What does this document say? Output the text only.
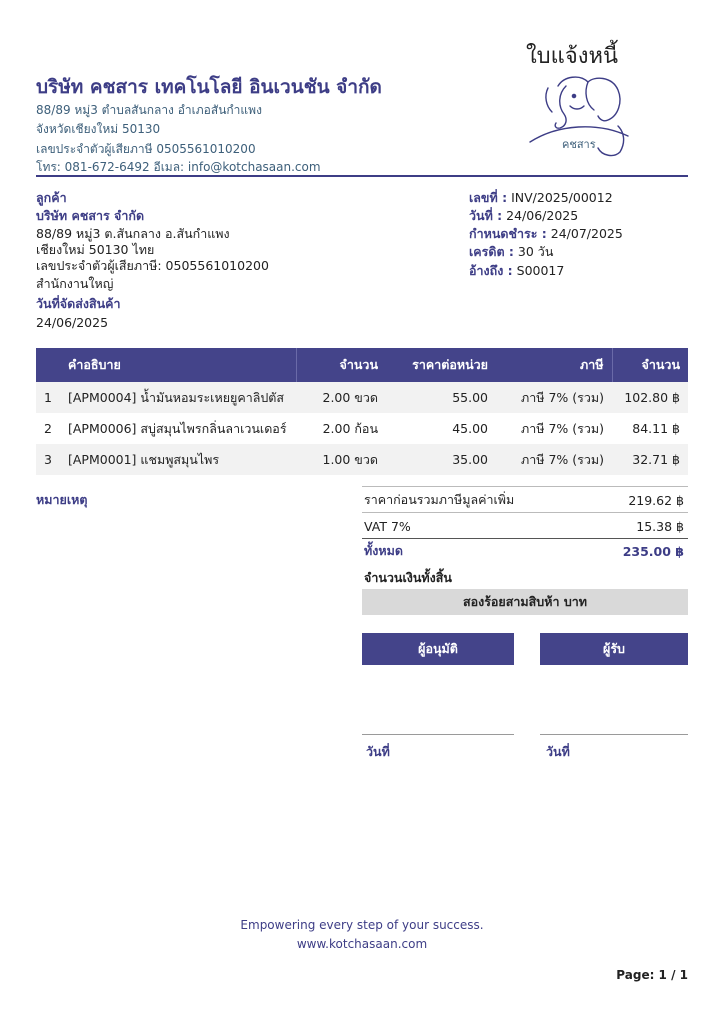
ใบแจ้งหนี้
คชสาร
บริษัท คชสาร เทคโนโลยี อินเวนชัน จำกัด
88/89 หมู่3 ตำบลสันกลาง อำเภอสันกำแพง
จังหวัดเชียงใหม่ 50130
เลขประจำตัวผู้เสียภาษี 0505561010200
โทร: 081-672-6492 อีเมล: info@kotchasaan.com
ลูกค้า
บริษัท คชสาร จำกัด
88/89 หมู่3 ต.สันกลาง อ.สันกำแพง
เชียงใหม่ 50130 ไทย
เลขประจำตัวผู้เสียภาษี: 0505561010200
สำนักงานใหญ่
วันที่จัดส่งสินค้า
24/06/2025
เลขที่ : INV/2025/00012
วันที่ : 24/06/2025
กำหนดชำระ : 24/07/2025
เครดิต : 30 วัน
อ้างถึง : S00017
	คำอธิบาย	จำนวน	ราคาต่อหน่วย	ภาษี	จำนวน
1	[APM0004] น้ำมันหอมระเหยยูคาลิปตัส	2.00 ขวด	55.00	ภาษี 7% (รวม)	102.80 ฿
2	[APM0006] สบู่สมุนไพรกลิ่นลาเวนเดอร์	2.00 ก้อน	45.00	ภาษี 7% (รวม)	84.11 ฿
3	[APM0001] แชมพูสมุนไพร	1.00 ขวด	35.00	ภาษี 7% (รวม)	32.71 ฿
หมายเหตุ	ราคาก่อนรวมภาษีมูลค่าเพิ่ม	219.62 ฿
VAT 7%	15.38 ฿
ทั้งหมด	235.00 ฿
จำนวนเงินทั้งสิ้น
สองร้อยสามสิบห้า บาท
ผู้อนุมัติ	ผู้รับ
วันที่	วันที่
Empowering every step of your success.
www.kotchasaan.com
Page: 1 / 1
